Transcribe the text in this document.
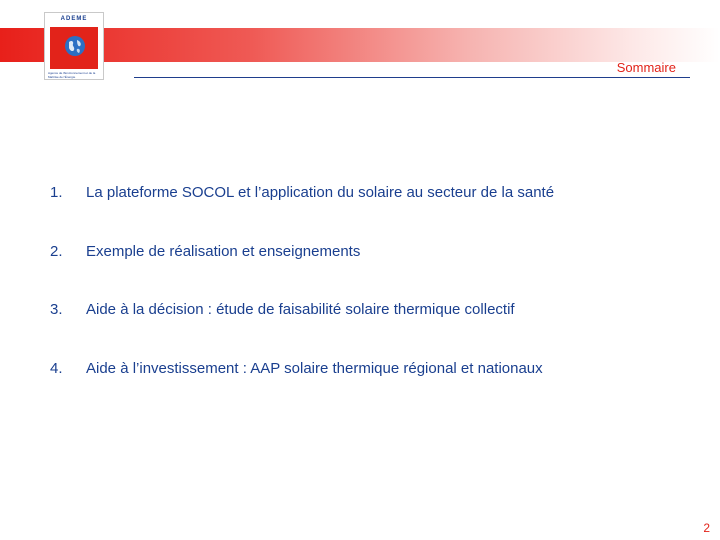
ADEME
Agence de l'Environnement et de la Maîtrise de l'Énergie
Sommaire
1. La plateforme SOCOL et l’application du solaire au secteur de la santé
2. Exemple de réalisation et enseignements
3. Aide à la décision : étude de faisabilité solaire thermique collectif
4. Aide à l’investissement : AAP solaire thermique régional et nationaux
2
